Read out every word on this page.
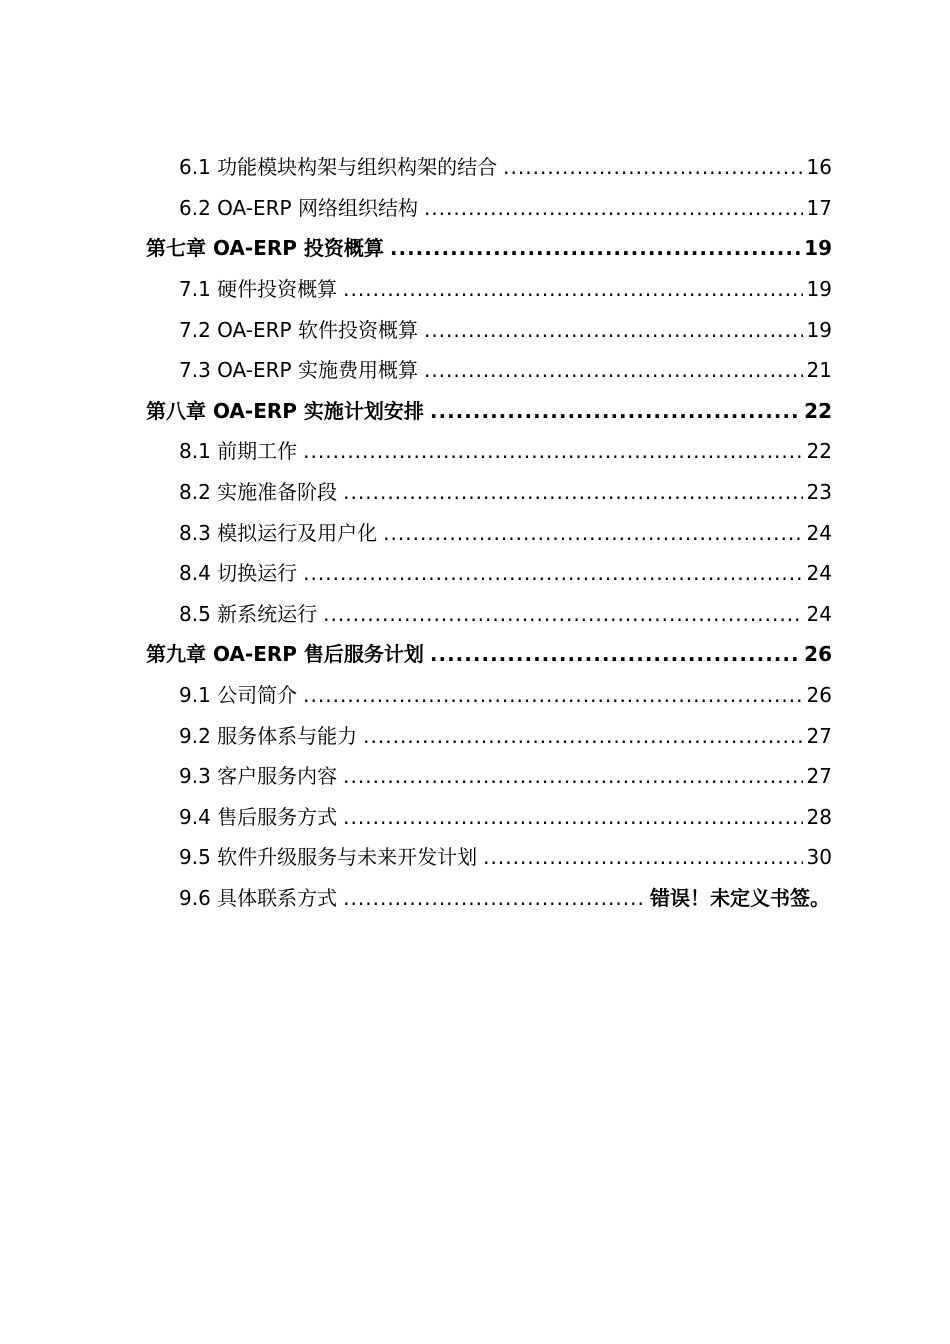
6.1 功能模块构架与组织构架的结合 .....	16
6.2 OA-ERP 网络组织结构 .....	17
第七章 OA-ERP 投资概算 .....	19
7.1 硬件投资概算 .....	19
7.2 OA-ERP 软件投资概算 .....	19
7.3 OA-ERP 实施费用概算 .....	21
第八章 OA-ERP 实施计划安排 .....	22
8.1 前期工作 .....	22
8.2 实施准备阶段 .....	23
8.3 模拟运行及用户化 .....	24
8.4 切换运行 .....	24
8.5 新系统运行 .....	24
第九章 OA-ERP 售后服务计划 .....	26
9.1 公司简介 .....	26
9.2 服务体系与能力 .....	27
9.3 客户服务内容 .....	27
9.4 售后服务方式 .....	28
9.5 软件升级服务与未来开发计划 .....	30
9.6 具体联系方式 .....	错误！未定义书签。
